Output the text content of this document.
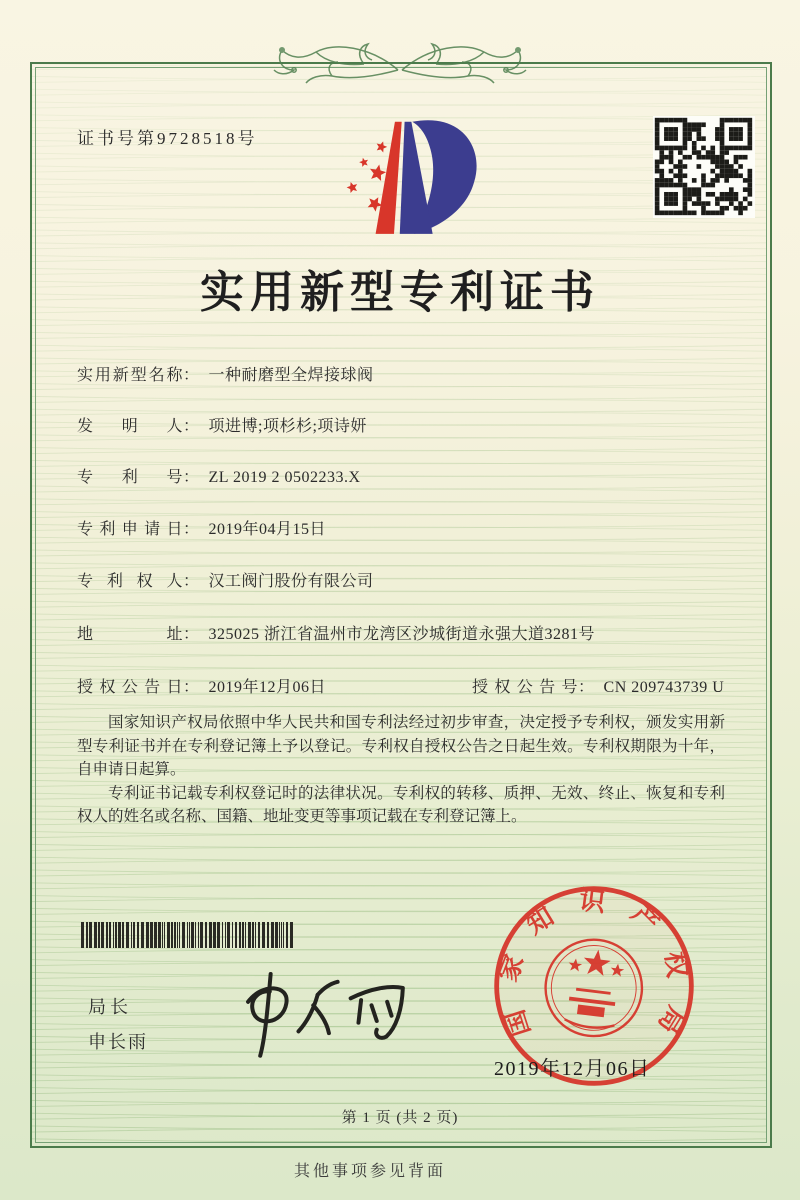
证书号第9728518号
实用新型专利证书
实用新型名称： 一种耐磨型全焊接球阀
发明人： 项进博;项杉杉;项诗妍
专利号： ZL 2019 2 0502233.X
专利申请日： 2019年04月15日
专利权人： 汉工阀门股份有限公司
地址： 325025 浙江省温州市龙湾区沙城街道永强大道3281号
授权公告日： 2019年12月06日	授权公告号： CN 209743739 U

国家知识产权局依照中华人民共和国专利法经过初步审查，决定授予专利权，颁发实用新型专利证书并在专利登记簿上予以登记。专利权自授权公告之日起生效。专利权期限为十年，自申请日起算。

专利证书记载专利权登记时的法律状况。专利权的转移、质押、无效、终止、恢复和专利权人的姓名或名称、国籍、地址变更等事项记载在专利登记簿上。

局长
申长雨
国家知识产权局
2019年12月06日
第 1 页 (共 2 页)
其他事项参见背面
